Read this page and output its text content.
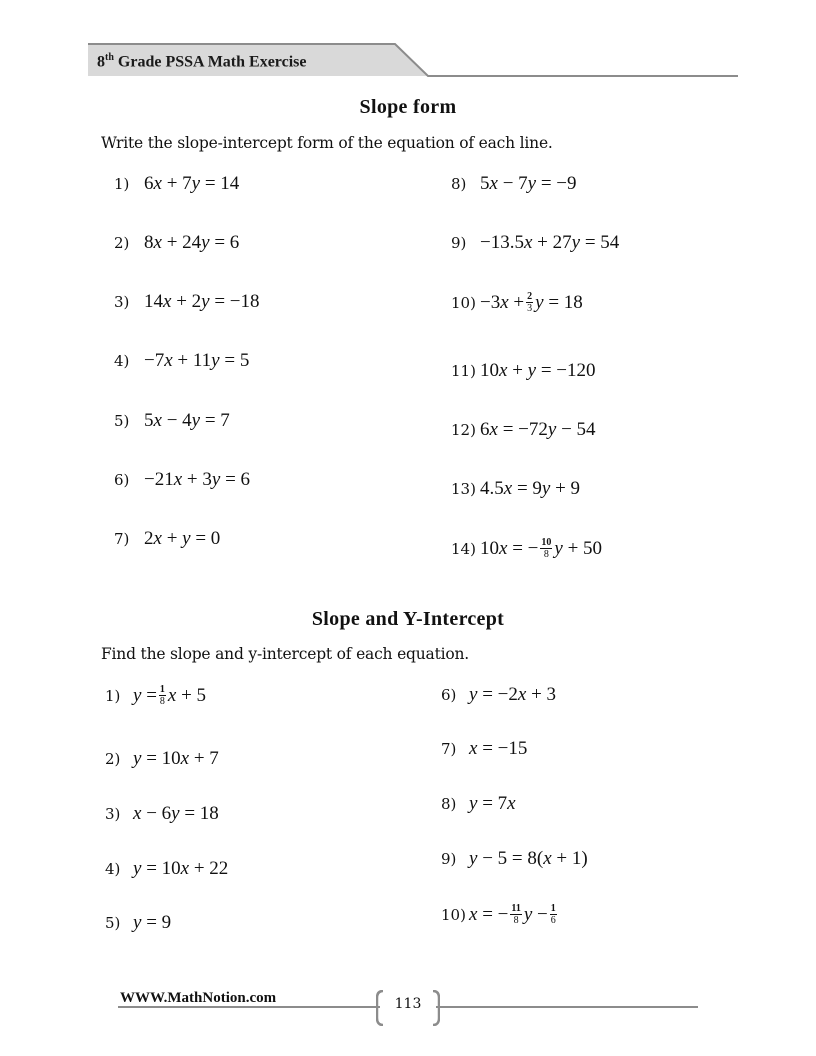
8th Grade PSSA Math Exercise
Slope form
Write the slope-intercept form of the equation of each line.
1) 6x + 7y = 14
2) 8x + 24y = 6
3) 14x + 2y = −18
4) −7x + 11y = 5
5) 5x − 4y = 7
6) −21x + 3y = 6
7) 2x + y = 0
8) 5x − 7y = −9
9) −13.5x + 27y = 54
$10) -3x + \frac{2}{3}$ y = 18
11) 10x + y = −120
12) 6x = −72y − 54
13) 4.5x = 9y + 9
14) 10x = − $\frac{10}{8}$ y + 50
Slope and Y-Intercept
Find the slope and y-intercept of each equation.
1) $y = \frac{1}{8}$ x + 5
2) y = 10x + 7
3) x − 6y = 18
4) y = 10x + 22
5) y = 9
6) y = −2x + 3
7) x = −15
8) y = 7x
9) y − 5 = 8(x + 1)
10) x = − $\frac{11}{8}$ $y - \frac{1}{6}$
WWW.MathNotion.com	113
